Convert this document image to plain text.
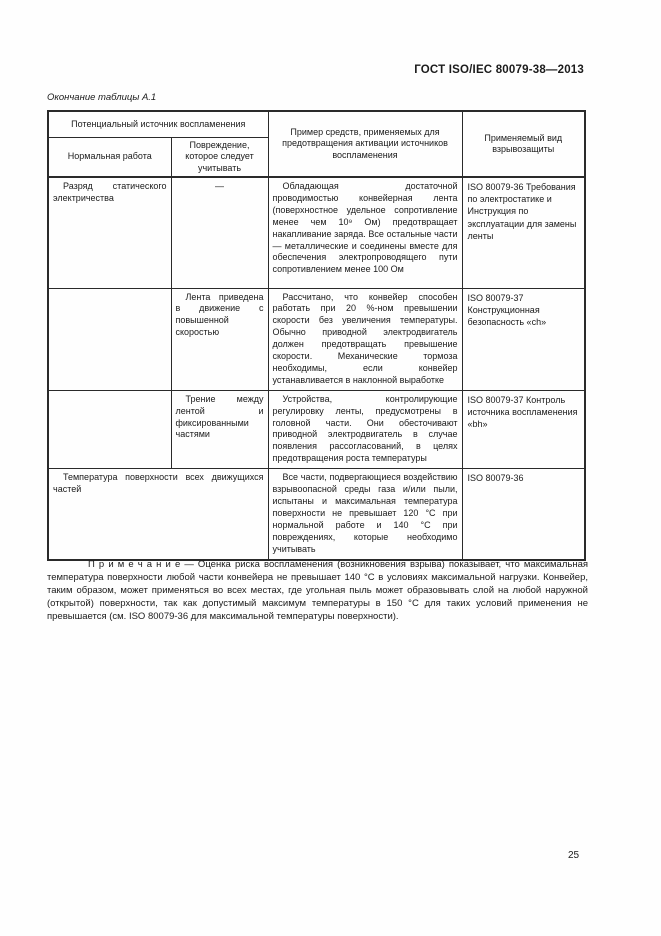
ГОСТ ISO/IEC 80079-38—2013
Окончание таблицы А.1
Потенциальный источник воспламенения		Пример средств, применяемых для предотвращения активации источников воспламенения	Применяемый вид взрывозащиты
Нормальная работа	Повреждение, которое следует учитывать		
Разряд статического электричества	—	Обладающая достаточной проводимостью конвейерная лента (поверхностное удельное сопротивление менее чем 10⁹ Ом) предотвращает накапливание заряда. Все остальные части — металлические и соединены вместе для обеспечения электропроводящего пути сопротивлением менее 100 Ом	ISO 80079-36 Требования по электростатике и Инструкция по эксплуатации для замены ленты
	Лента приведена в движение с повышенной скоростью	Рассчитано, что конвейер способен работать при 20 %-ном превышении скорости без увеличения температуры. Обычно приводной электродвигатель должен предотвращать превышение скорости. Механические тормоза необходимы, если конвейер устанавливается в наклонной выработке	ISO 80079-37 Конструкционная безопасность «ch»
	Трение между лентой и фиксированными частями	Устройства, контролирующие регулировку ленты, предусмотрены в головной части. Они обесточивают приводной электродвигатель в случае появления рассогласований, в целях предотвращения роста температуры	ISO 80079-37 Контроль источника воспламенения «bh»
Температура поверхности всех движущихся частей		Все части, подвергающиеся воздействию взрывоопасной среды газа и/или пыли, испытаны и максимальная температура поверхности не превышает 120 °С при нормальной работе и 140 °С при повреждениях, которые необходимо учитывать	ISO 80079-36

П р и м е ч а н и е — Оценка риска воспламенения (возникновения взрыва) показывает, что максимальная температура поверхности любой части конвейера не превышает 140 °С в условиях максимальной нагрузки. Конвейер, таким образом, может применяться во всех местах, где угольная пыль может образовывать слой на любой наружной (открытой) поверхности, так как допустимый максимум температуры в 150 °С для таких условий применения не превышается (см. ISO 80079-36 для максимальной температуры поверхности).

25
